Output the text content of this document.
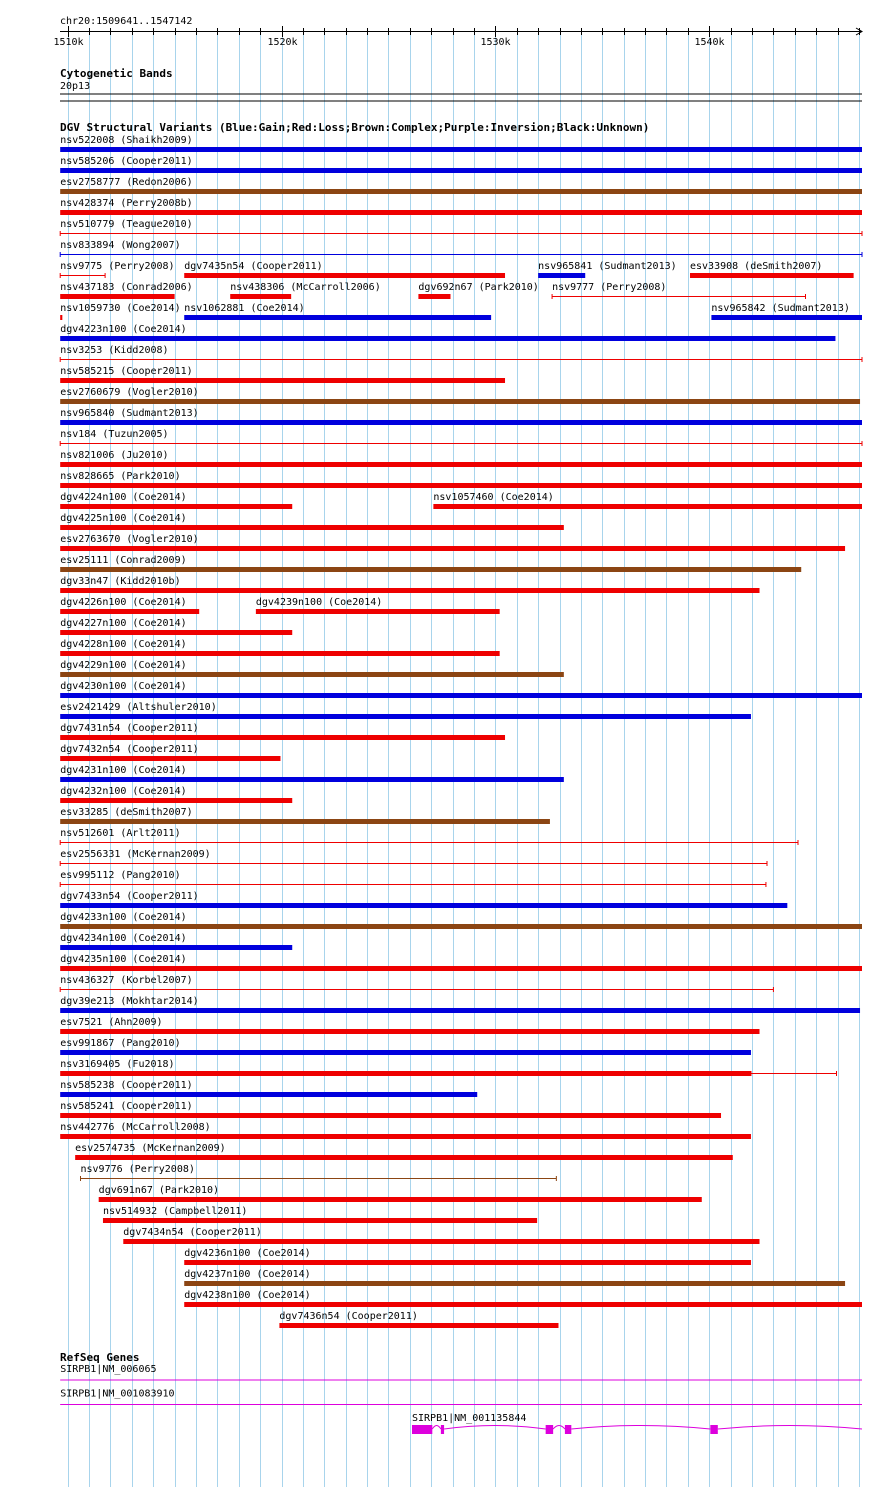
chr20:1509641..1547142
1510k	1520k	1530k	1540k
Cytogenetic Bands
20p13
DGV Structural Variants (Blue:Gain;Red:Loss;Brown:Complex;Purple:Inversion;Black:Unknown)
nsv522008 (Shaikh2009)
nsv585206 (Cooper2011)
esv2758777 (Redon2006)
nsv428374 (Perry2008b)
nsv510779 (Teague2010)
nsv833894 (Wong2007)
nsv9775 (Perry2008) dgv7435n54 (Cooper2011)	nsv965841 (Sudmant2013) esv33908 (deSmith2007)
nsv437183 (Conrad2006)	nsv438306 (McCarroll2006)	dgv692n67 (Park2010) nsv9777 (Perry2008)
nsv1059730 (Coe2014) nsv1062881 (Coe2014)	nsv965842 (Sudmant2013)
dgv4223n100 (Coe2014)
nsv3253 (Kidd2008)
nsv585215 (Cooper2011)
esv2760679 (Vogler2010)
nsv965840 (Sudmant2013)
nsv184 (Tuzun2005)
nsv821006 (Ju2010)
nsv828665 (Park2010)
dgv4224n100 (Coe2014)	nsv1057460 (Coe2014)
dgv4225n100 (Coe2014)
esv2763670 (Vogler2010)
esv25111 (Conrad2009)
dgv33n47 (Kidd2010b)
dgv4226n100 (Coe2014)	dgv4239n100 (Coe2014)
dgv4227n100 (Coe2014)
dgv4228n100 (Coe2014)
dgv4229n100 (Coe2014)
dgv4230n100 (Coe2014)
esv2421429 (Altshuler2010)
dgv7431n54 (Cooper2011)
dgv7432n54 (Cooper2011)
dgv4231n100 (Coe2014)
dgv4232n100 (Coe2014)
esv33285 (deSmith2007)
nsv512601 (Arlt2011)
esv2556331 (McKernan2009)
esv995112 (Pang2010)
dgv7433n54 (Cooper2011)
dgv4233n100 (Coe2014)
dgv4234n100 (Coe2014)
dgv4235n100 (Coe2014)
nsv436327 (Korbel2007)
dgv39e213 (Mokhtar2014)
esv7521 (Ahn2009)
esv991867 (Pang2010)
nsv3169405 (Fu2018)
nsv585238 (Cooper2011)
nsv585241 (Cooper2011)
nsv442776 (McCarroll2008)
esv2574735 (McKernan2009)
nsv9776 (Perry2008)
dgv691n67 (Park2010)
nsv514932 (Campbell2011)
dgv7434n54 (Cooper2011)
dgv4236n100 (Coe2014)
dgv4237n100 (Coe2014)
dgv4238n100 (Coe2014)
dgv7436n54 (Cooper2011)
RefSeq Genes
SIRPB1|NM_006065
SIRPB1|NM_001083910
SIRPB1|NM_001135844
